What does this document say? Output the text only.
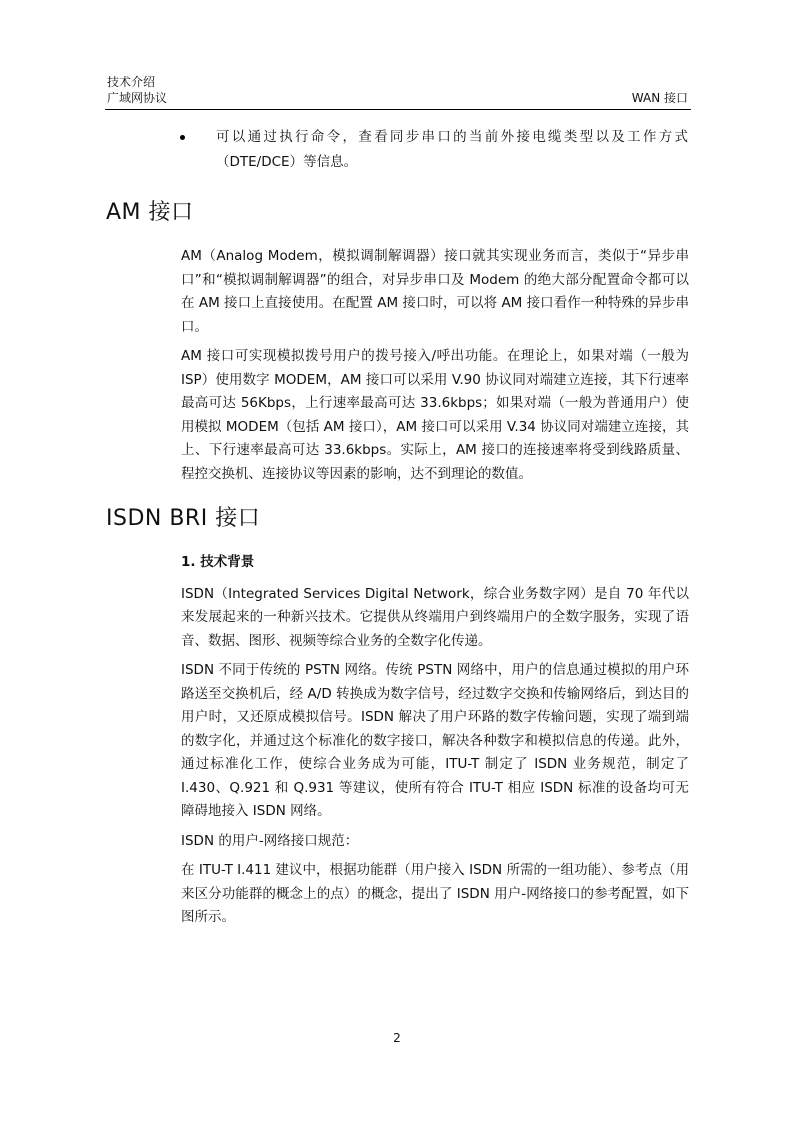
技术介绍
广域网协议	WAN 接口
可以通过执行命令，查看同步串口的当前外接电缆类型以及工作方式（DTE/DCE）等信息。
AM 接口

AM（Analog Modem，模拟调制解调器）接口就其实现业务而言，类似于“异步串口”和“模拟调制解调器”的组合，对异步串口及 Modem 的绝大部分配置命令都可以在 AM 接口上直接使用。在配置 AM 接口时，可以将 AM 接口看作一种特殊的异步串口。

AM 接口可实现模拟拨号用户的拨号接入/呼出功能。在理论上，如果对端（一般为 ISP）使用数字 MODEM，AM 接口可以采用 V.90 协议同对端建立连接，其下行速率最高可达 56Kbps，上行速率最高可达 33.6kbps；如果对端（一般为普通用户）使用模拟 MODEM（包括 AM 接口），AM 接口可以采用 V.34 协议同对端建立连接，其上、下行速率最高可达 33.6kbps。实际上，AM 接口的连接速率将受到线路质量、程控交换机、连接协议等因素的影响，达不到理论的数值。

ISDN BRI 接口

1. 技术背景

ISDN（Integrated Services Digital Network，综合业务数字网）是自 70 年代以来发展起来的一种新兴技术。它提供从终端用户到终端用户的全数字服务，实现了语音、数据、图形、视频等综合业务的全数字化传递。

ISDN 不同于传统的 PSTN 网络。传统 PSTN 网络中，用户的信息通过模拟的用户环路送至交换机后，经 A/D 转换成为数字信号，经过数字交换和传输网络后，到达目的用户时，又还原成模拟信号。ISDN 解决了用户环路的数字传输问题，实现了端到端的数字化，并通过这个标准化的数字接口，解决各种数字和模拟信息的传递。此外，通过标准化工作，使综合业务成为可能，ITU-T 制定了 ISDN 业务规范，制定了 I.430、Q.921 和 Q.931 等建议，使所有符合 ITU-T 相应 ISDN 标准的设备均可无障碍地接入 ISDN 网络。

ISDN 的用户-网络接口规范：

在 ITU-T I.411 建议中，根据功能群（用户接入 ISDN 所需的一组功能）、参考点（用来区分功能群的概念上的点）的概念，提出了 ISDN 用户-网络接口的参考配置，如下图所示。

2
